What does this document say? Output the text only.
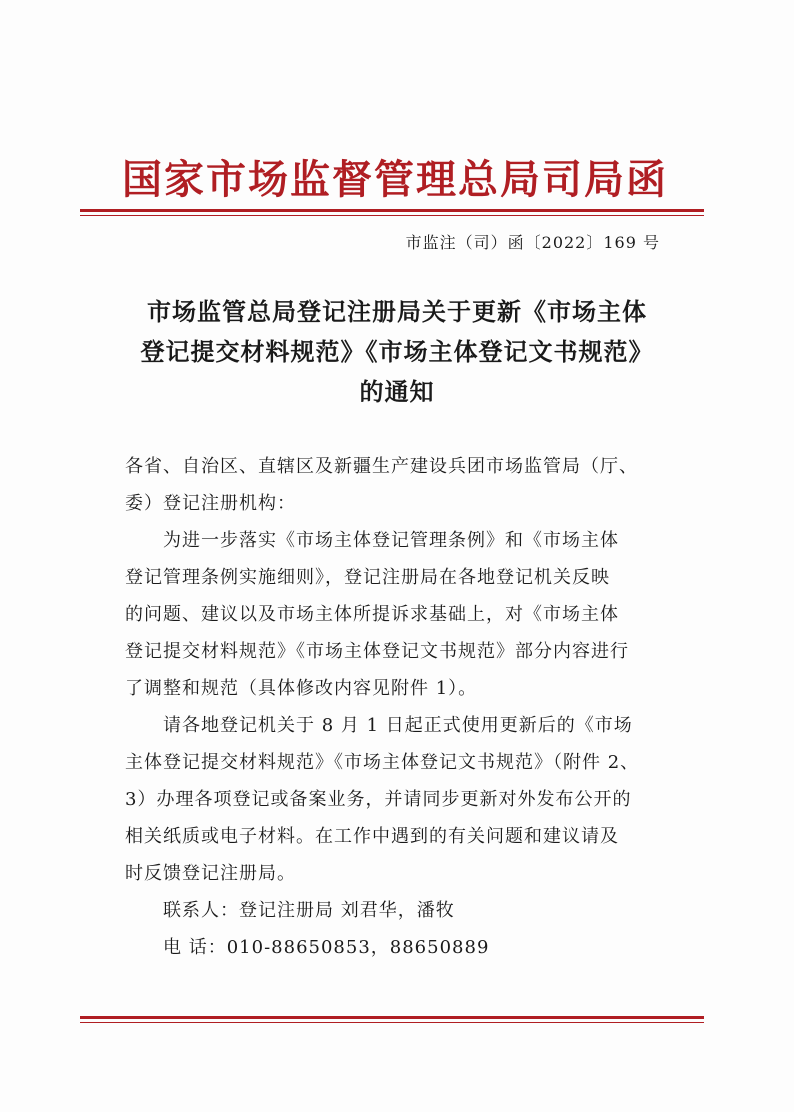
国家市场监督管理总局司局函
市监注（司）函〔2022〕169 号
市场监管总局登记注册局关于更新《市场主体
登记提交材料规范》《市场主体登记文书规范》
的通知
各省、自治区、直辖区及新疆生产建设兵团市场监管局（厅、
委）登记注册机构：
为进一步落实《市场主体登记管理条例》和《市场主体
登记管理条例实施细则》，登记注册局在各地登记机关反映
的问题、建议以及市场主体所提诉求基础上，对《市场主体
登记提交材料规范》《市场主体登记文书规范》部分内容进行
了调整和规范（具体修改内容见附件 1）。
请各地登记机关于 8 月 1 日起正式使用更新后的《市场
主体登记提交材料规范》《市场主体登记文书规范》（附件 2、
3）办理各项登记或备案业务，并请同步更新对外发布公开的
相关纸质或电子材料。在工作中遇到的有关问题和建议请及
时反馈登记注册局。
联系人：登记注册局 刘君华，潘牧
电 话：010-88650853，88650889
